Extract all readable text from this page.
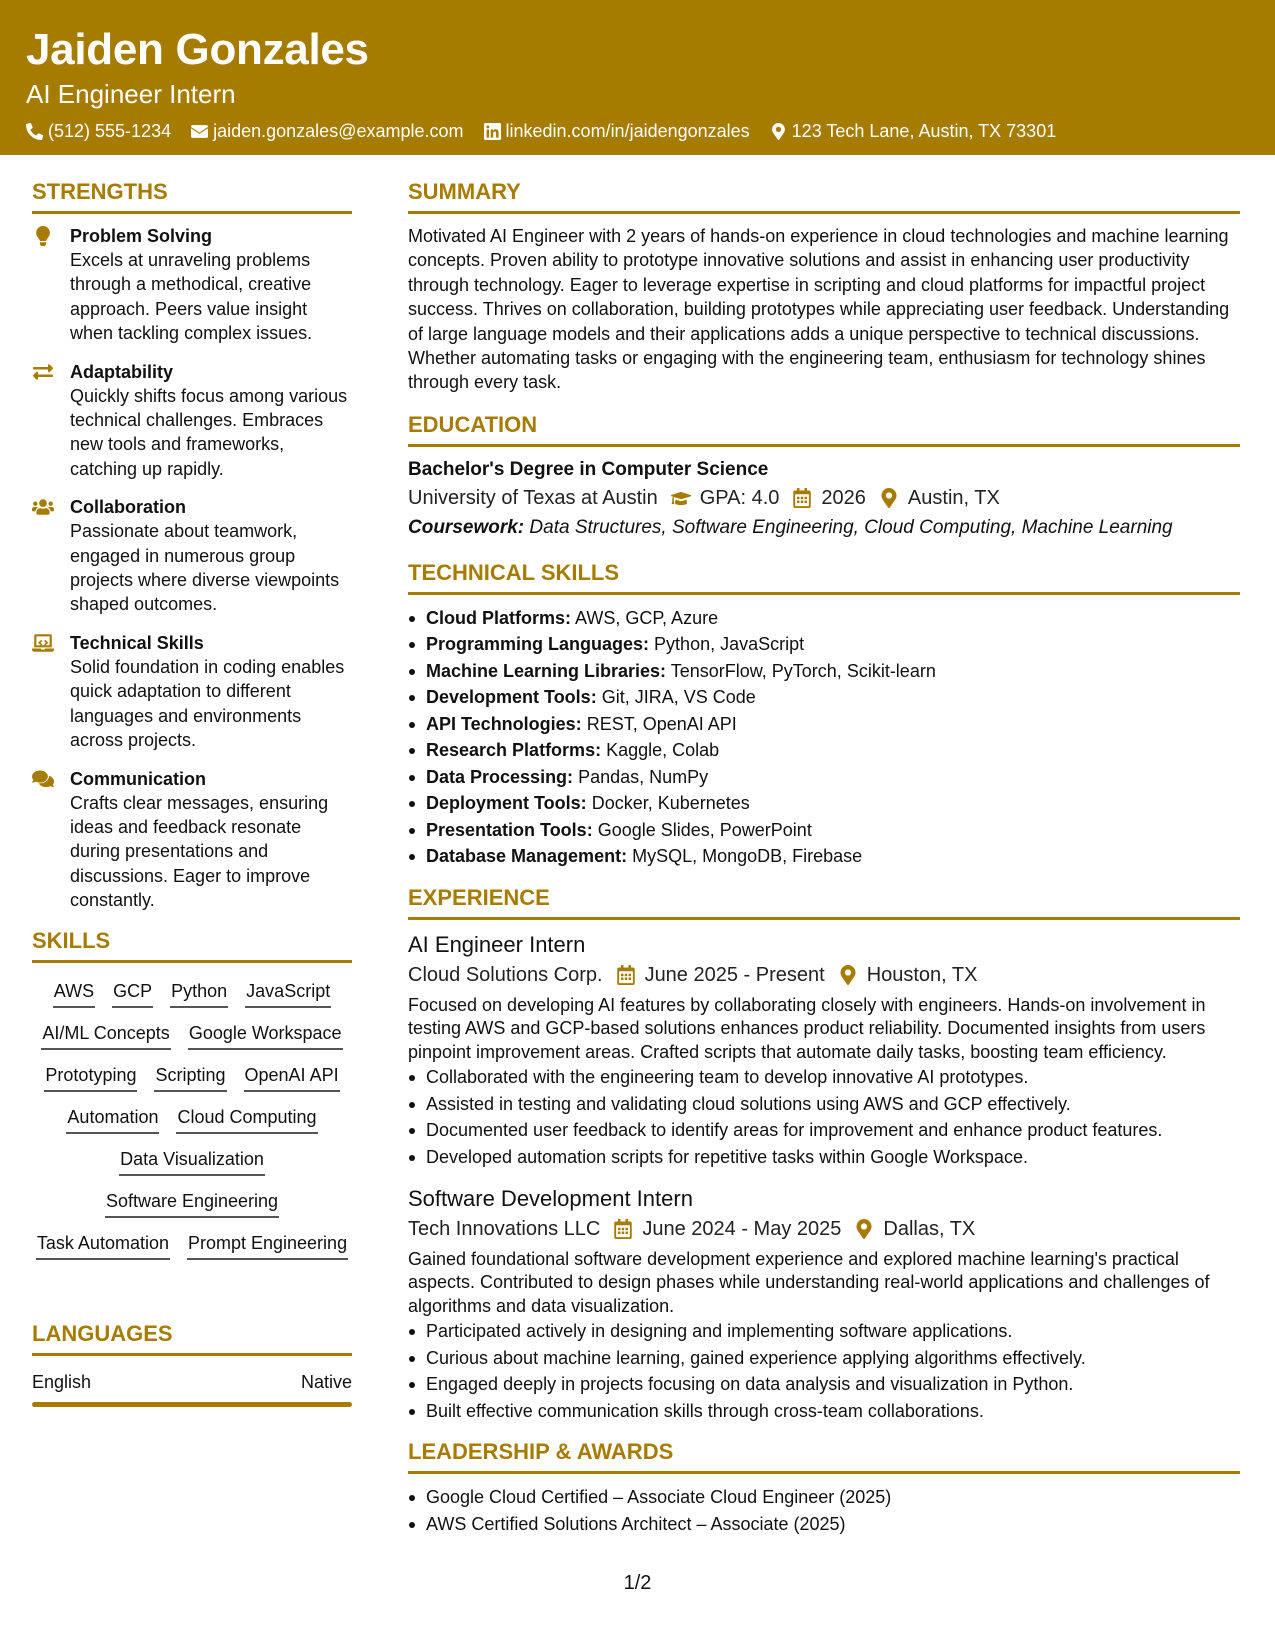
Jaiden Gonzales
AI Engineer Intern
(512) 555-1234 jaiden.gonzales@example.com linkedin.com/in/jaidengonzales 123 Tech Lane, Austin, TX 73301
STRENGTHS
Problem Solving
Excels at unraveling problems through a methodical, creative approach. Peers value insight when tackling complex issues.
Adaptability
Quickly shifts focus among various technical challenges. Embraces new tools and frameworks, catching up rapidly.
Collaboration
Passionate about teamwork, engaged in numerous group projects where diverse viewpoints shaped outcomes.
Technical Skills
Solid foundation in coding enables quick adaptation to different languages and environments across projects.
Communication
Crafts clear messages, ensuring ideas and feedback resonate during presentations and discussions. Eager to improve constantly.
SKILLS
AWS GCP Python JavaScript
AI/ML Concepts Google Workspace
Prototyping Scripting OpenAI API
Automation Cloud Computing
Data Visualization
Software Engineering
Task Automation Prompt Engineering
LANGUAGES
English	Native
SUMMARY
Motivated AI Engineer with 2 years of hands-on experience in cloud technologies and machine learning concepts. Proven ability to prototype innovative solutions and assist in enhancing user productivity through technology. Eager to leverage expertise in scripting and cloud platforms for impactful project success. Thrives on collaboration, building prototypes while appreciating user feedback. Understanding of large language models and their applications adds a unique perspective to technical discussions. Whether automating tasks or engaging with the engineering team, enthusiasm for technology shines through every task.
EDUCATION
Bachelor's Degree in Computer Science
University of Texas at Austin GPA: 4.0 2026 Austin, TX
Coursework: Data Structures, Software Engineering, Cloud Computing, Machine Learning
TECHNICAL SKILLS
Cloud Platforms: AWS, GCP, Azure
Programming Languages: Python, JavaScript
Machine Learning Libraries: TensorFlow, PyTorch, Scikit-learn
Development Tools: Git, JIRA, VS Code
API Technologies: REST, OpenAI API
Research Platforms: Kaggle, Colab
Data Processing: Pandas, NumPy
Deployment Tools: Docker, Kubernetes
Presentation Tools: Google Slides, PowerPoint
Database Management: MySQL, MongoDB, Firebase
EXPERIENCE
AI Engineer Intern
Cloud Solutions Corp. June 2025 - Present Houston, TX
Focused on developing AI features by collaborating closely with engineers. Hands-on involvement in testing AWS and GCP-based solutions enhances product reliability. Documented insights from users pinpoint improvement areas. Crafted scripts that automate daily tasks, boosting team efficiency.
Collaborated with the engineering team to develop innovative AI prototypes.
Assisted in testing and validating cloud solutions using AWS and GCP effectively.
Documented user feedback to identify areas for improvement and enhance product features.
Developed automation scripts for repetitive tasks within Google Workspace.
Software Development Intern
Tech Innovations LLC June 2024 - May 2025 Dallas, TX
Gained foundational software development experience and explored machine learning's practical aspects. Contributed to design phases while understanding real-world applications and challenges of algorithms and data visualization.
Participated actively in designing and implementing software applications.
Curious about machine learning, gained experience applying algorithms effectively.
Engaged deeply in projects focusing on data analysis and visualization in Python.
Built effective communication skills through cross-team collaborations.
LEADERSHIP & AWARDS
Google Cloud Certified – Associate Cloud Engineer (2025)
AWS Certified Solutions Architect – Associate (2025)
1/2
